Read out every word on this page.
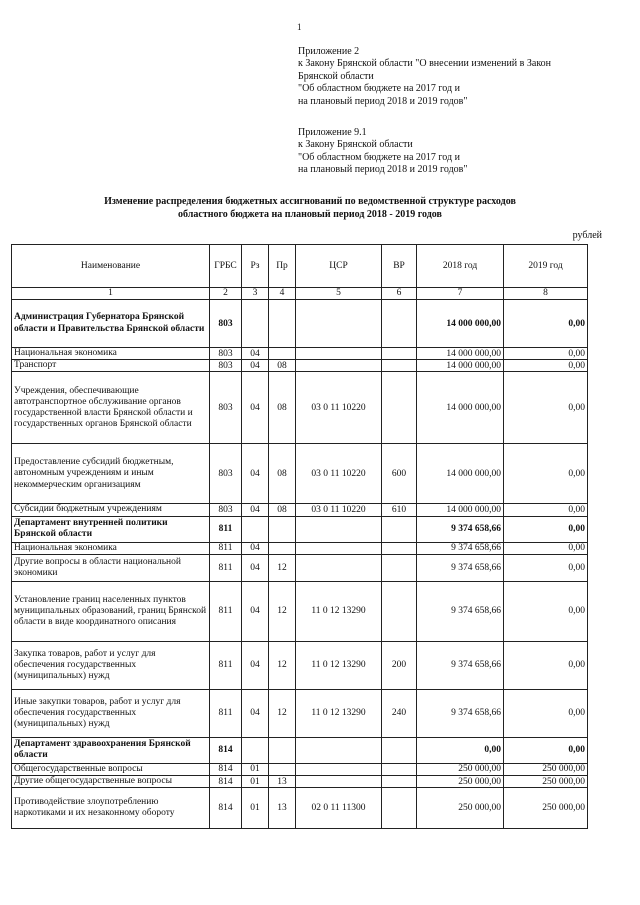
1
Приложение 2
к Закону Брянской области "О внесении изменений в Закон
Брянской области
"Об областном бюджете на 2017 год и
на плановый период 2018 и 2019 годов"
Приложение 9.1
к Закону Брянской области
"Об областном бюджете на 2017 год и
на плановый период 2018 и 2019 годов"
Изменение распределения бюджетных ассигнований по ведомственной структуре расходов
областного бюджета на плановый период 2018 - 2019 годов
рублей
Наименование	ГРБС	Рз	Пр	ЦСР	ВР	2018 год	2019 год
1	2	3	4	5	6	7	8
Администрация Губернатора Брянской области и Правительства Брянской области	803					14 000 000,00	0,00
Национальная экономика	803	04				14 000 000,00	0,00
Транспорт	803	04	08			14 000 000,00	0,00
Учреждения, обеспечивающие автотранспортное обслуживание органов государственной власти Брянской области и государственных органов Брянской области	803	04	08	03 0 11 10220		14 000 000,00	0,00
Предоставление субсидий бюджетным, автономным учреждениям и иным некоммерческим организациям	803	04	08	03 0 11 10220	600	14 000 000,00	0,00
Субсидии бюджетным учреждениям	803	04	08	03 0 11 10220	610	14 000 000,00	0,00
Департамент внутренней политики Брянской области	811					9 374 658,66	0,00
Национальная экономика	811	04				9 374 658,66	0,00
Другие вопросы в области национальной экономики	811	04	12			9 374 658,66	0,00
Установление границ населенных пунктов муниципальных образований, границ Брянской области в виде координатного описания	811	04	12	11 0 12 13290		9 374 658,66	0,00
Закупка товаров, работ и услуг для обеспечения государственных (муниципальных) нужд	811	04	12	11 0 12 13290	200	9 374 658,66	0,00
Иные закупки товаров, работ и услуг для обеспечения государственных (муниципальных) нужд	811	04	12	11 0 12 13290	240	9 374 658,66	0,00
Департамент здравоохранения Брянской области	814					0,00	0,00
Общегосударственные вопросы	814	01				250 000,00	250 000,00
Другие общегосударственные вопросы	814	01	13			250 000,00	250 000,00
Противодействие злоупотреблению наркотиками и их незаконному обороту	814	01	13	02 0 11 11300		250 000,00	250 000,00
